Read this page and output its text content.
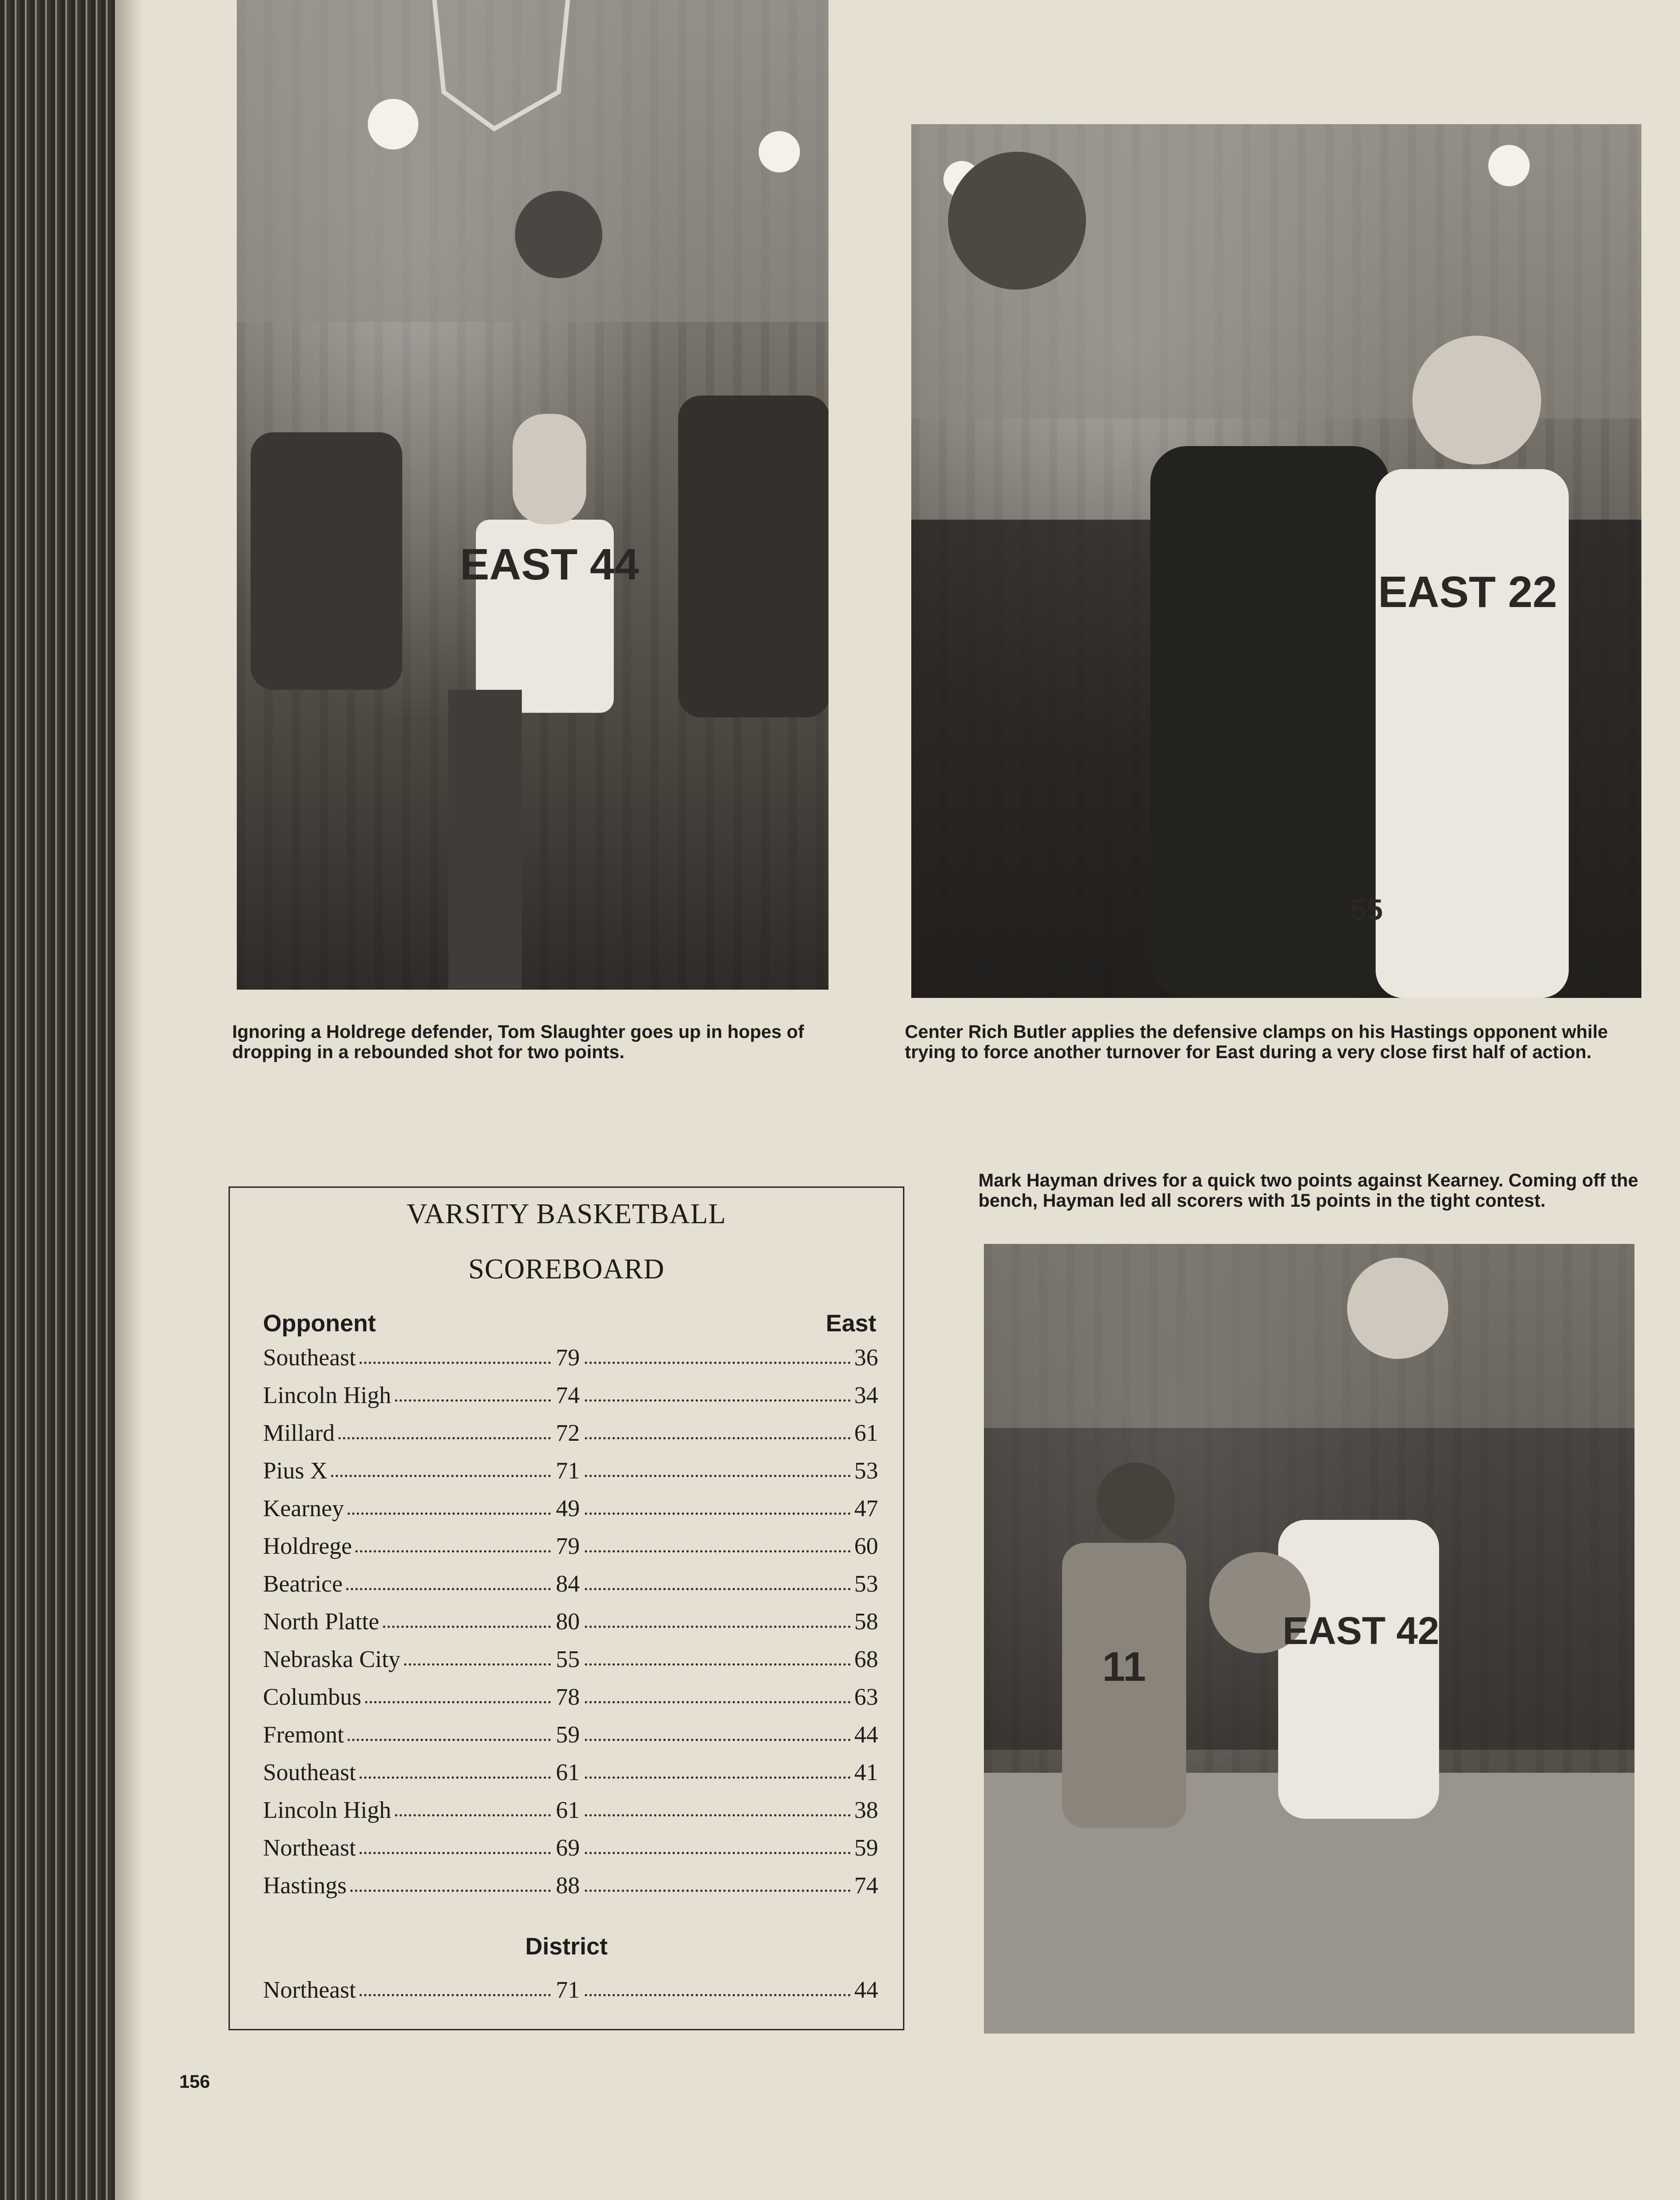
EAST 44
EAST 22
55

Ignoring a Holdrege defender, Tom Slaughter goes up in hopes of dropping in a rebounded shot for two points.

Center Rich Butler applies the defensive clamps on his Hastings opponent while trying to force another turnover for East during a very close first half of action.

Mark Hayman drives for a quick two points against Kearney. Coming off the bench, Hayman led all scorers with 15 points in the tight contest.

EAST 42
11

VARSITY BASKETBALL

SCOREBOARD

Opponent	East

Southeast	79	36
Lincoln High	74	34
Millard	72	61
Pius X	71	53
Kearney	49	47
Holdrege	79	60
Beatrice	84	53
North Platte	80	58
Nebraska City	55	68
Columbus	78	63
Fremont	59	44
Southeast	61	41
Lincoln High	61	38
Northeast	69	59
Hastings	88	74

District

Northeast	71	44

156
